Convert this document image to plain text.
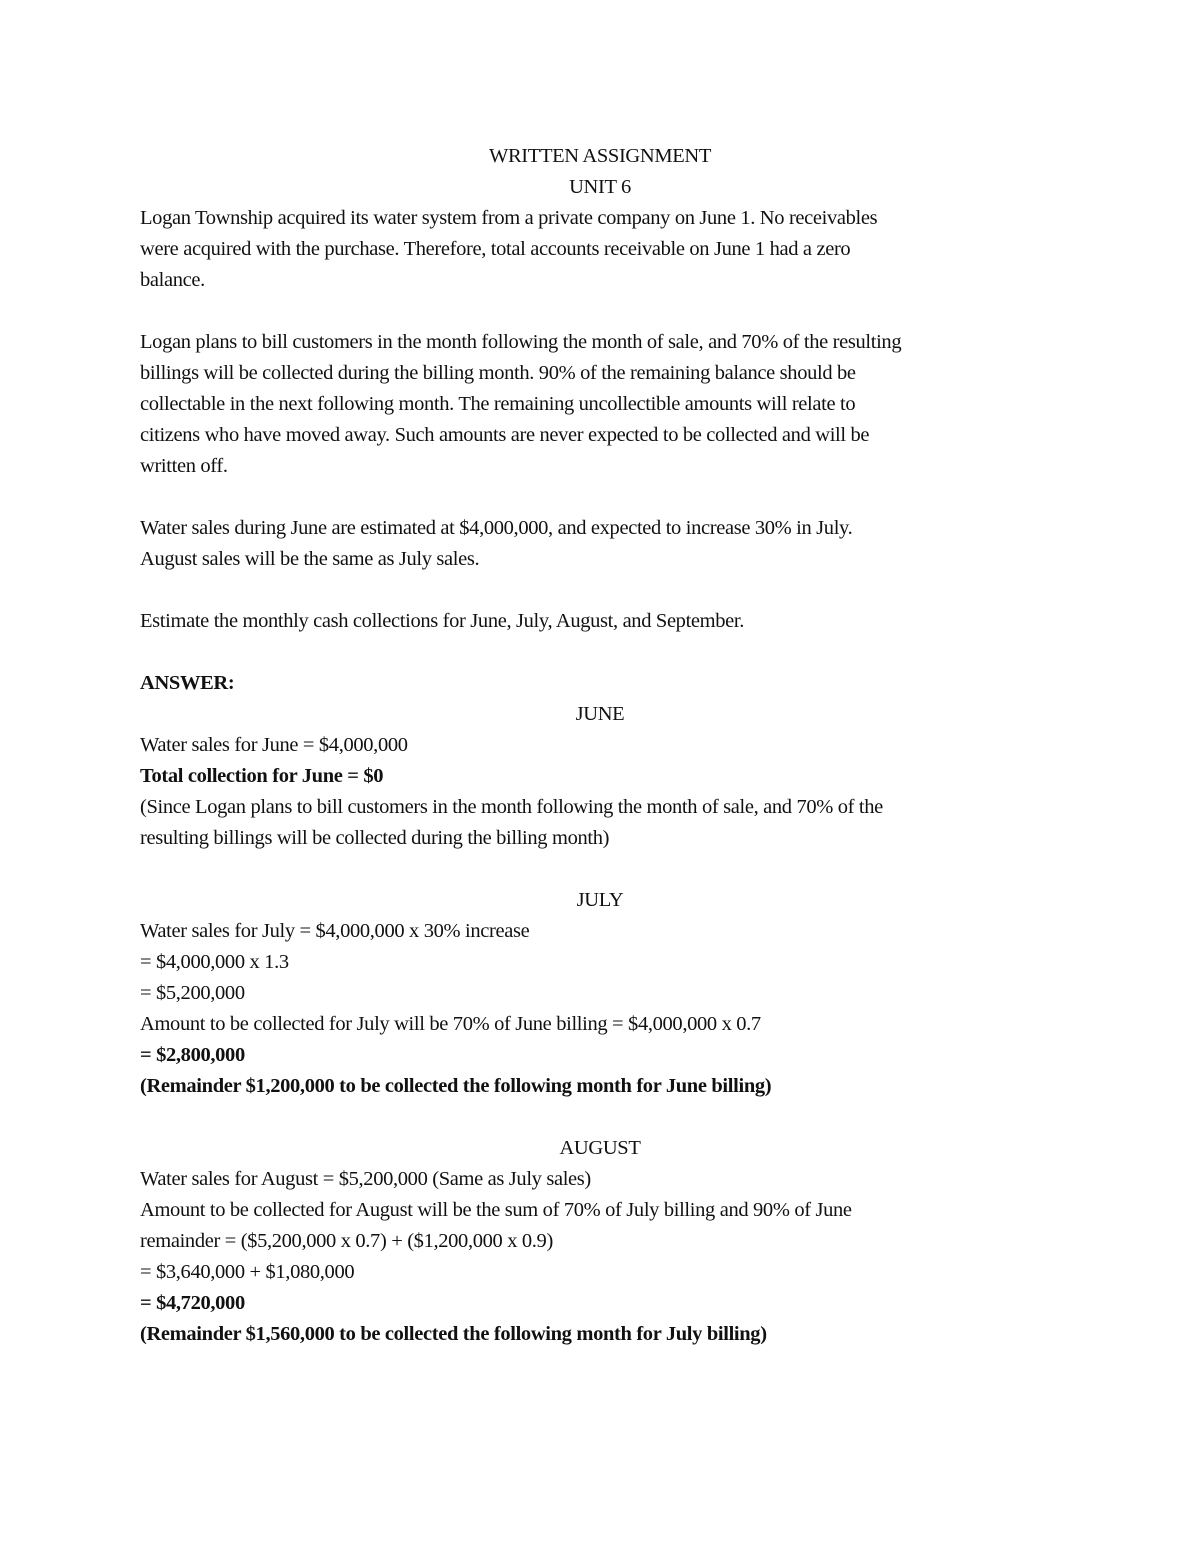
WRITTEN ASSIGNMENT
UNIT 6
Logan Township acquired its water system from a private company on June 1. No receivables
were acquired with the purchase. Therefore, total accounts receivable on June 1 had a zero
balance.
Logan plans to bill customers in the month following the month of sale, and 70% of the resulting
billings will be collected during the billing month. 90% of the remaining balance should be
collectable in the next following month. The remaining uncollectible amounts will relate to
citizens who have moved away. Such amounts are never expected to be collected and will be
written off.
Water sales during June are estimated at $4,000,000, and expected to increase 30% in July.
August sales will be the same as July sales.
Estimate the monthly cash collections for June, July, August, and September.
ANSWER:
JUNE
Water sales for June = $4,000,000
Total collection for June = $0
(Since Logan plans to bill customers in the month following the month of sale, and 70% of the
resulting billings will be collected during the billing month)
JULY
Water sales for July = $4,000,000 x 30% increase
= $4,000,000 x 1.3
= $5,200,000
Amount to be collected for July will be 70% of June billing = $4,000,000 x 0.7
= $2,800,000
(Remainder $1,200,000 to be collected the following month for June billing)
AUGUST
Water sales for August = $5,200,000 (Same as July sales)
Amount to be collected for August will be the sum of 70% of July billing and 90% of June
remainder = ($5,200,000 x 0.7) + ($1,200,000 x 0.9)
= $3,640,000 + $1,080,000
= $4,720,000
(Remainder $1,560,000 to be collected the following month for July billing)
